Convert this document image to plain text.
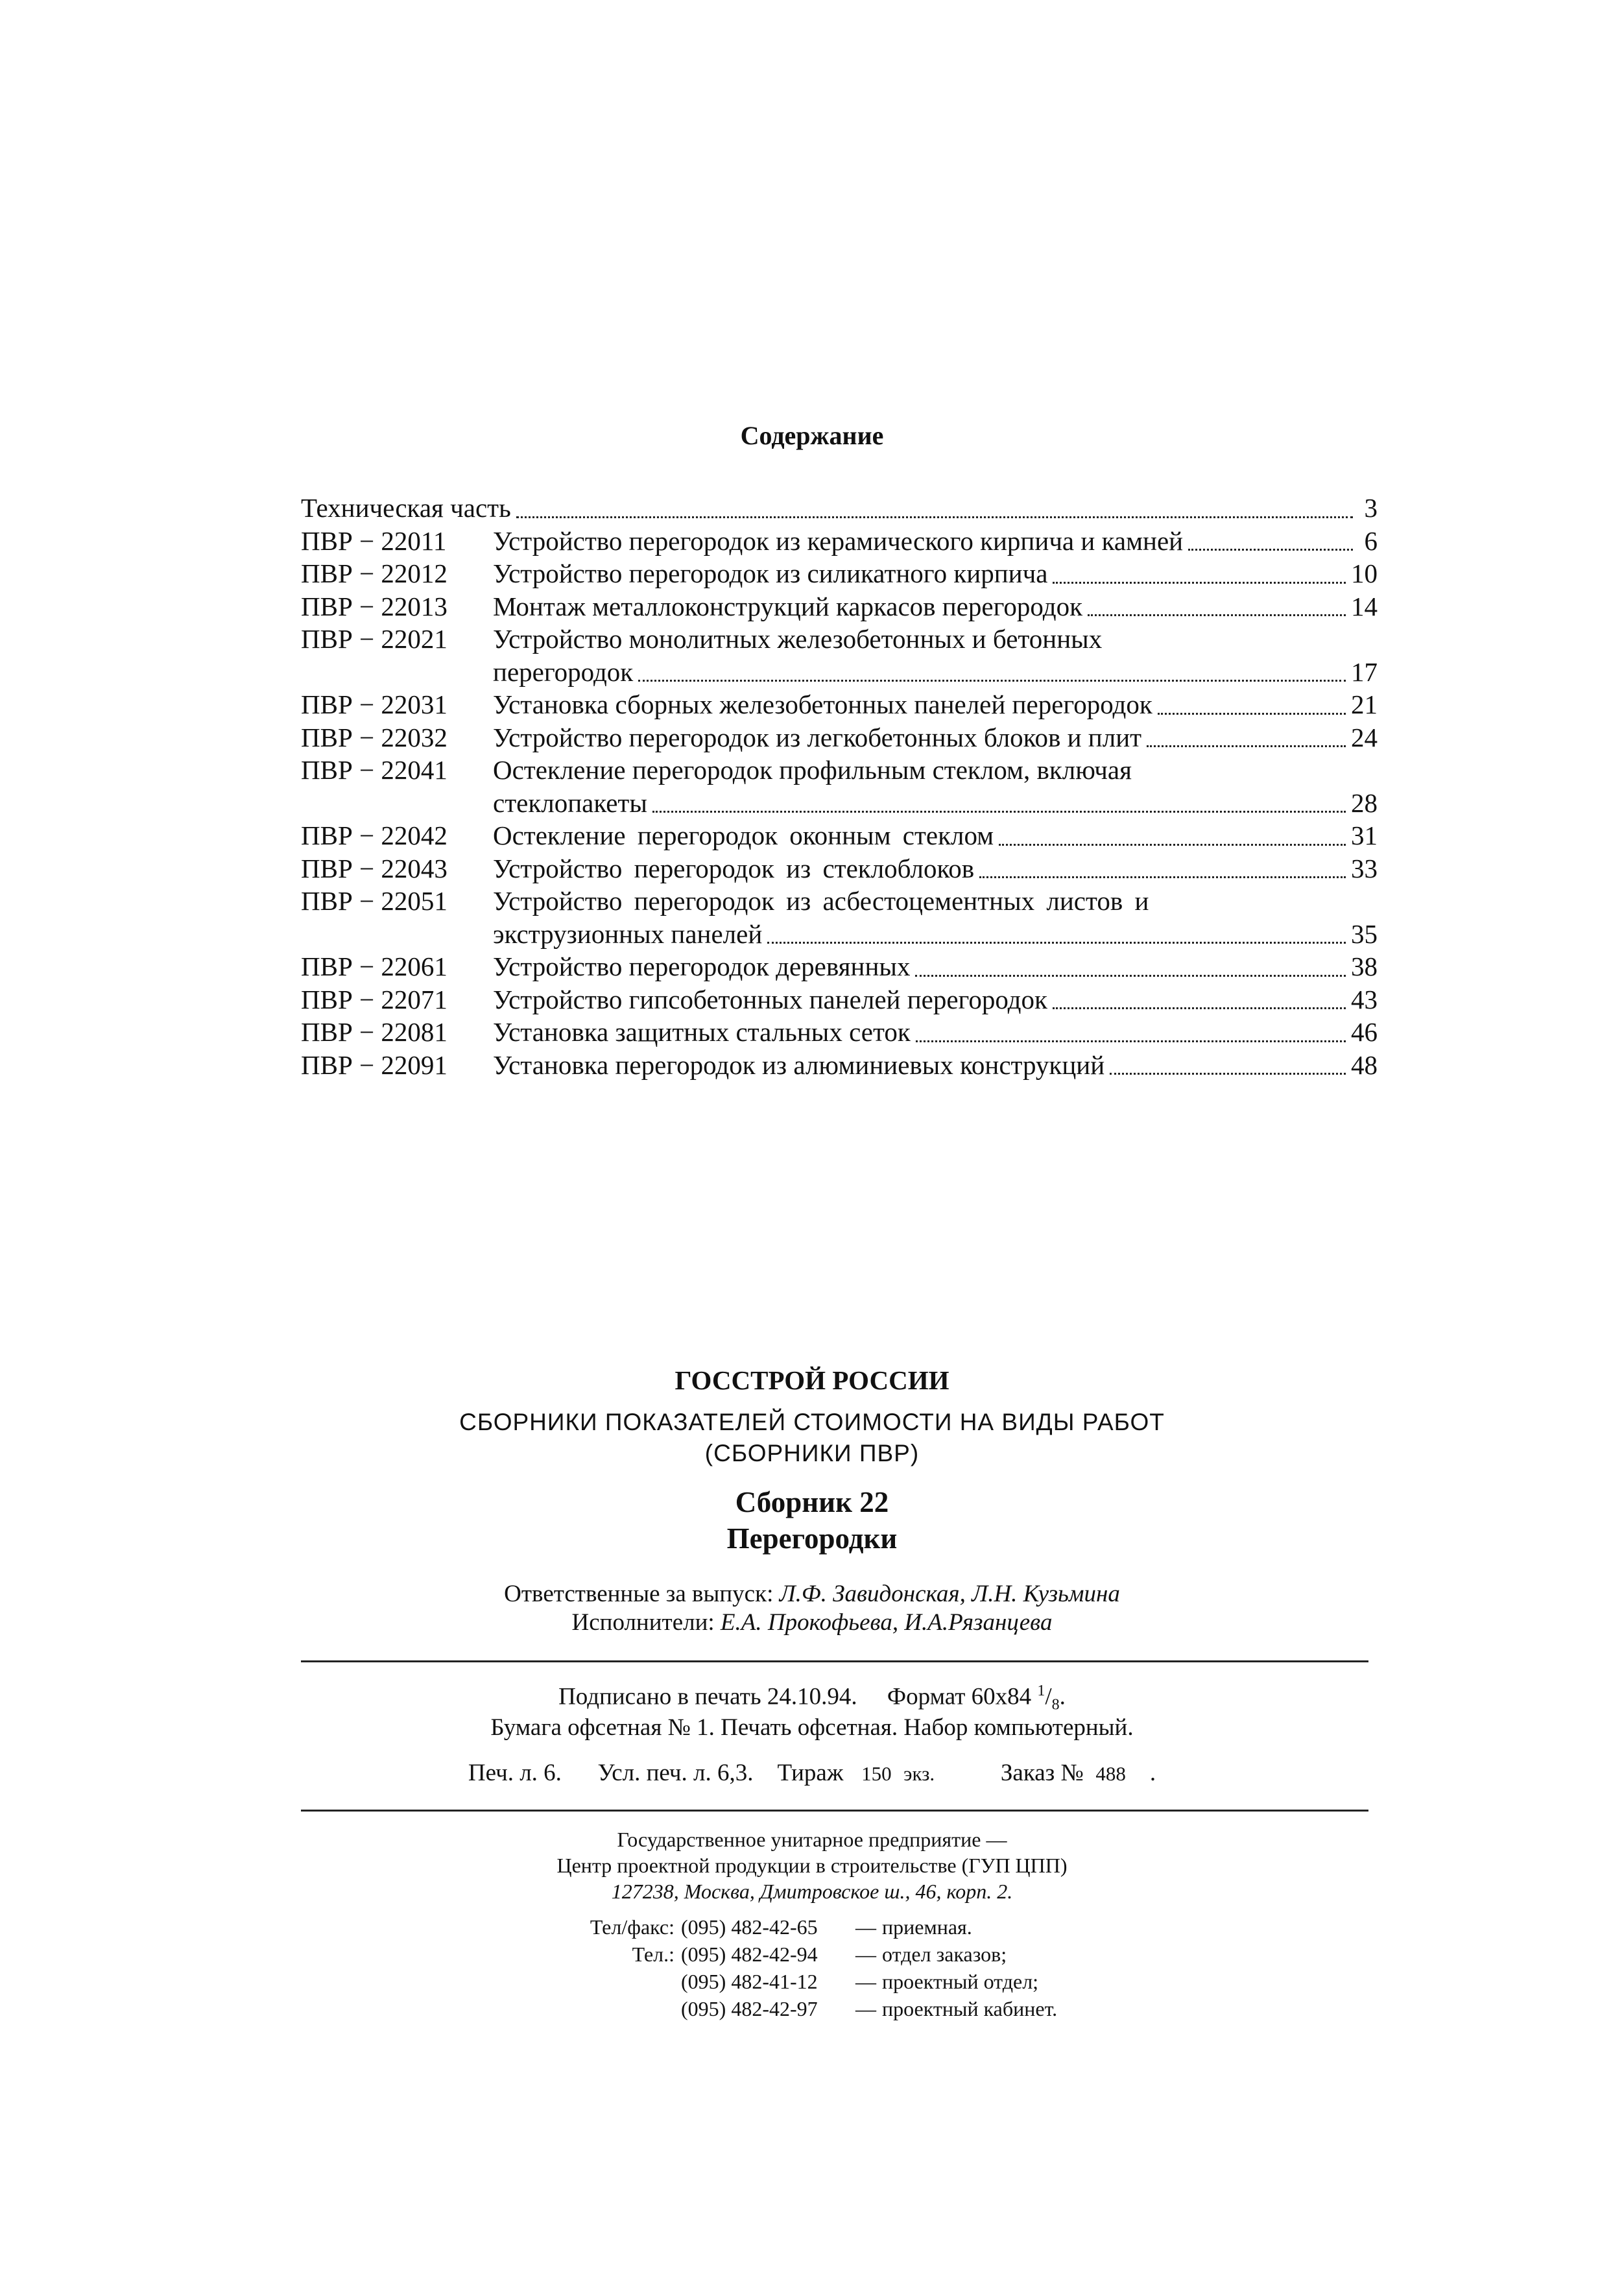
Содержание
Техническая часть	3
ПВР − 22011	Устройство перегородок из керамического кирпича и камней	6
ПВР − 22012	Устройство перегородок из силикатного кирпича	10
ПВР − 22013	Монтаж металлоконструкций каркасов перегородок	14
ПВР − 22021	Устройство монолитных железобетонных и бетонных
перегородок	17
ПВР − 22031	Установка сборных железобетонных панелей перегородок	21
ПВР − 22032	Устройство перегородок из легкобетонных блоков и плит	24
ПВР − 22041	Остекление перегородок профильным стеклом, включая
стеклопакеты	28
ПВР − 22042	Остекление перегородок оконным стеклом	31
ПВР − 22043	Устройство перегородок из стеклоблоков	33
ПВР − 22051	Устройство перегородок из асбестоцементных листов и
экструзионных панелей	35
ПВР − 22061	Устройство перегородок деревянных	38
ПВР − 22071	Устройство гипсобетонных панелей перегородок	43
ПВР − 22081	Установка защитных стальных сеток	46
ПВР − 22091	Установка перегородок из алюминиевых конструкций	48
ГОССТРОЙ РОССИИ
СБОРНИКИ ПОКАЗАТЕЛЕЙ СТОИМОСТИ НА ВИДЫ РАБОТ
(СБОРНИКИ ПВР)
Сборник 22
Перегородки
Ответственные за выпуск: Л.Ф. Завидонская, Л.Н. Кузьмина
Исполнители: Е.А. Прокофьева, И.А.Рязанцева
Подписано в печать 24.10.94. Формат 60х84 $^1/_8$.
Бумага офсетная № 1. Печать офсетная. Набор компьютерный.
Печ. л. 6. Усл. печ. л. 6,3. Тираж 150 экз.	Заказ № 488    .
Государственное унитарное предприятие —
Центр проектной продукции в строительстве (ГУП ЦПП)
127238, Москва, Дмитровское ш., 46, корп. 2.
Тел/факс: (095) 482-42-65	— приемная.
Тел.: (095) 482-42-94	— отдел заказов;
(095) 482-41-12	— проектный отдел;
(095) 482-42-97	— проектный кабинет.
